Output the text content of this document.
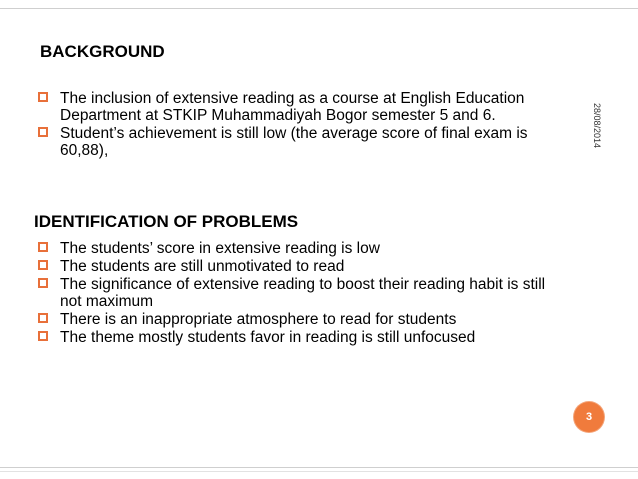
BACKGROUND
The inclusion of extensive reading as a course at English Education Department at STKIP Muhammadiyah Bogor semester 5 and 6.
Student’s achievement is still low (the average score of final exam is 60,88),
IDENTIFICATION OF PROBLEMS
The students’ score in extensive reading is low
The students are still unmotivated to read
The significance of extensive reading to boost their reading habit is still not maximum
There is an inappropriate atmosphere to read for students
The theme mostly students favor in reading is still unfocused
28/08/2014
3
